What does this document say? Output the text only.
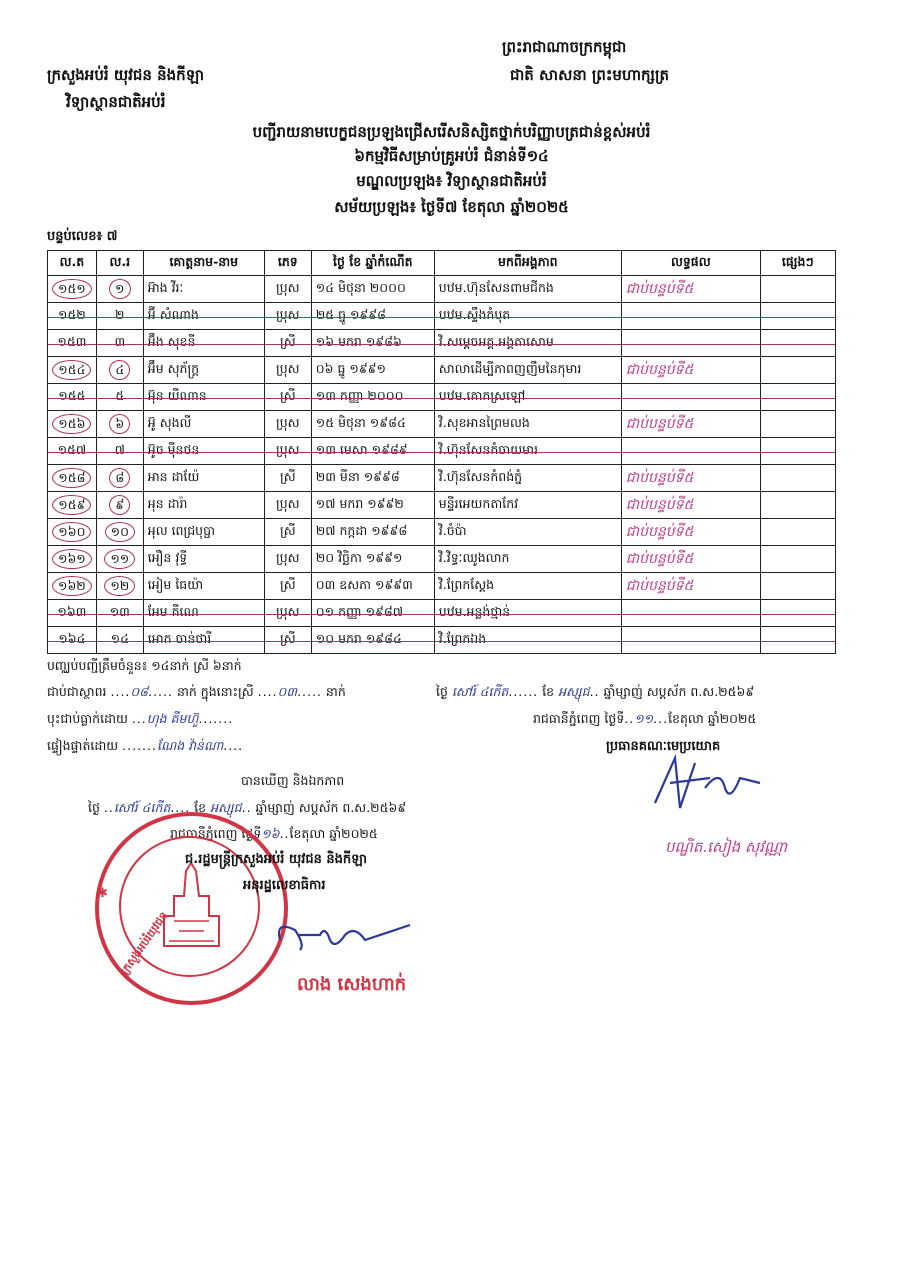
ព្រះរាជាណាចក្រកម្ពុជា
ជាតិ សាសនា ព្រះមហាក្សត្រ
ក្រសួងអប់រំ យុវជន និងកីឡា
វិទ្យាស្ថានជាតិអប់រំ
បញ្ជីរាយនាមបេក្ខជនប្រឡងជ្រើសរើសនិស្សិតថ្នាក់បរិញ្ញាបត្រជាន់ខ្ពស់អប់រំ
៦កម្មវិធីសម្រាប់គ្រូអប់រំ ជំនាន់ទី១៤
មណ្ឌលប្រឡង៖ វិទ្យាស្ថានជាតិអប់រំ
សម័យប្រឡង៖ ថ្ងៃទី៧ ខែតុលា ឆ្នាំ២០២៥
បន្ទប់លេខ៖ ៧
ល.ត	ល.រ	គោត្តនាម-នាម	ភេទ	ថ្ងៃ ខែ ឆ្នាំកំណើត	មកពីអង្គភាព	លទ្ធផល	ផ្សេងៗ
១៥១	១	អ៊ាង វីរៈ	ប្រុស	១៤ មិថុនា ២០០០	បឋម.ហ៊ុនសែនពាមជីកង	ជាប់បន្ទប់ទី៥	
១៥២	២	អ៊ី សំណាង	ប្រុស	២៥ ធ្នូ ១៩៩៨	បឋម.ស្ទឹងកំបុត		
១៥៣	៣	អ៊ឹង សុខនី	ស្រី	១៦ មករា ១៩៨៦	វិ.សម្ដេចអគ្គ.អង្គតាសោម		
១៥៤	៤	អ៊ឹម សុភ័ក្ត្រ	ប្រុស	០៦ ធ្នូ ១៩៩១	សាលាដើម្បីភាពញញឹមនៃកុមារ	ជាប់បន្ទប់ទី៥	
១៥៥	៥	អ៊ុន យីណាន	ស្រី	១៣ កញ្ញា ២០០០	បឋម.គោកស្រឡៅ		
១៥៦	៦	អ៊ូ សុងលី	ប្រុស	១៥ មិថុនា ១៩៨៤	វិ.សុខអានព្រៃមលង	ជាប់បន្ទប់ទី៥	
១៥៧	៧	អ៊ូច ម៉ីនថន	ប្រុស	១៣ មេសា ១៩៨៩	វិ.ហ៊ុនសែនកំចាយមារ		
១៥៨	៨	អាន ដាយ៉ែ	ស្រី	២៣ មីនា ១៩៩៨	វិ.ហ៊ុនសែនកំពង់ភ្នំ	ជាប់បន្ទប់ទី៥	
១៥៩	៩	អុន ដារ៉ា	ប្រុស	១៧ មករា ១៩៩២	មន្ទីរអេយកតាកែវ	ជាប់បន្ទប់ទី៥	
១៦០	១០	អុល ពេជ្របុប្ផា	ស្រី	២៧ កក្កដា ១៩៩៨	វិ.ចំប៉ា	ជាប់បន្ទប់ទី៥	
១៦១	១១	អឿន វុទ្ធី	ប្រុស	២០ វិច្ឆិកា ១៩៩១	វិ.វិទ្ធៈឈូងលាក	ជាប់បន្ទប់ទី៥	
១៦២	១២	អៀម ធៃយ៉ា	ស្រី	០៣ ឧសភា ១៩៩៣	វិ.ព្រែកស្ដែង	ជាប់បន្ទប់ទី៥	
១៦៣	១៣	អែម គីណេ	ប្រុស	០១ កញ្ញា ១៩៨៧	បឋម.អន្លង់ថ្មាន់		
១៦៤	១៤	អោក ចាន់ថារី	ស្រី	១០ មករា ១៩៨៤	វិ.ព្រែកឯង		
បញ្ឈប់បញ្ជីត្រឹមចំនួន៖ ១៤នាក់ ស្រី ៦នាក់
ជាប់ជាស្ថាពរ ....០៨..... នាក់ ក្នុងនោះស្រី ....០៣..... នាក់
បុះជាប់ធ្លាក់ដោយ ...ហុង គីមហ៊ួ.......
ផ្ទៀងផ្ទាត់ដោយ .......ណែង វ៉ាន់ណា....
ថ្ងៃ សៅរ៍ ៤កើត...... ខែ អស្សុជ.. ឆ្នាំម្សាញ់ សប្តស័ក ព.ស.២៥៦៩
រាជធានីភ្នំពេញ ថ្ងៃទី..១១...ខែតុលា ឆ្នាំ២០២៥
ប្រធានគណៈមេប្រយោគ
បណ្ឌិត.សៀង សុវណ្ណា
បានឃើញ និងឯកភាព
ថ្ងៃ ..សៅរ៍ ៤កើត.... ខែ អស្សុជ.. ឆ្នាំម្សាញ់ សប្តស័ក ព.ស.២៥៦៩
រាជធានីភ្នំពេញ ថ្ងៃទី១៦..ខែតុលា ឆ្នាំ២០២៥
ក្រសួងអប់រំយុវជន
✱
ជ.រដ្ឋមន្ត្រីក្រសួងអប់រំ យុវជន និងកីឡា
អនុរដ្ឋលេខាធិការ
លាង សេងហាក់
